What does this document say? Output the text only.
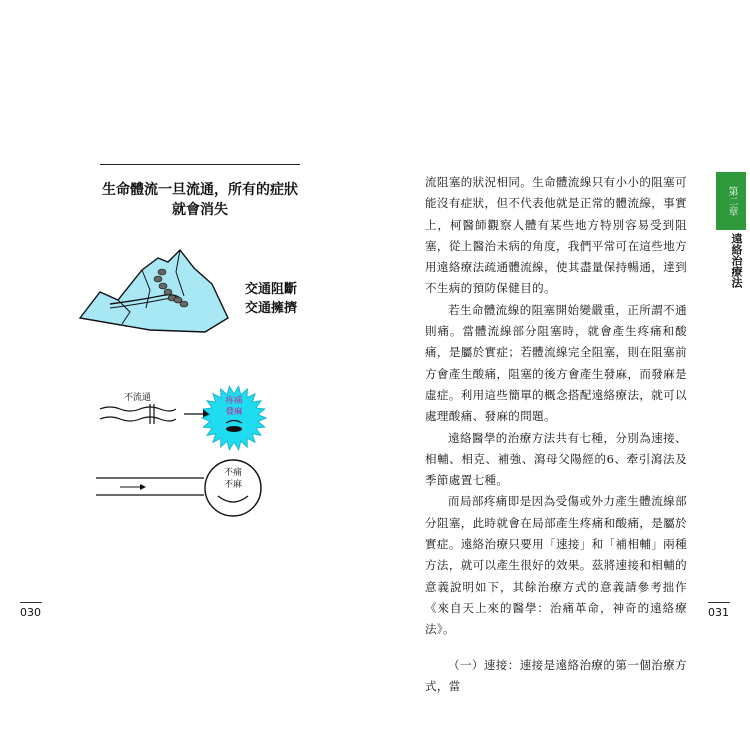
生命體流一旦流通，所有的症狀
就會消失
不流通	疼痛
發麻
不痛
不麻
交通阻斷
交通擁擠
030

流阻塞的狀況相同。生命體流線只有小小的阻塞可能沒有症狀，但不代表他就是正常的體流線，事實上，柯醫師觀察人體有某些地方特別容易受到阻塞，從上醫治未病的角度，我們平常可在這些地方用遠絡療法疏通體流線，使其盡量保持暢通，達到不生病的預防保健目的。

若生命體流線的阻塞開始變嚴重，正所謂不通則痛。當體流線部分阻塞時，就會產生疼痛和酸痛，是屬於實症；若體流線完全阻塞，則在阻塞前方會產生酸痛，阻塞的後方會產生發麻，而發麻是虛症。利用這些簡單的概念搭配遠絡療法，就可以處理酸痛、發麻的問題。

遠絡醫學的治療方法共有七種，分別為速接、相輔、相克、補強、瀉母父陽經的6、牽引瀉法及季節處置七種。

而局部疼痛即是因為受傷或外力產生體流線部分阻塞，此時就會在局部產生疼痛和酸痛，是屬於實症。遠絡治療只要用「速接」和「補相輔」兩種方法，就可以產生很好的效果。茲將速接和相輔的意義說明如下，其餘治療方式的意義請參考拙作《來自天上來的醫學：治痛革命，神奇的遠絡療法》。

（一）速接：速接是遠絡治療的第一個治療方式，當

第二章
遠絡治療法
031
